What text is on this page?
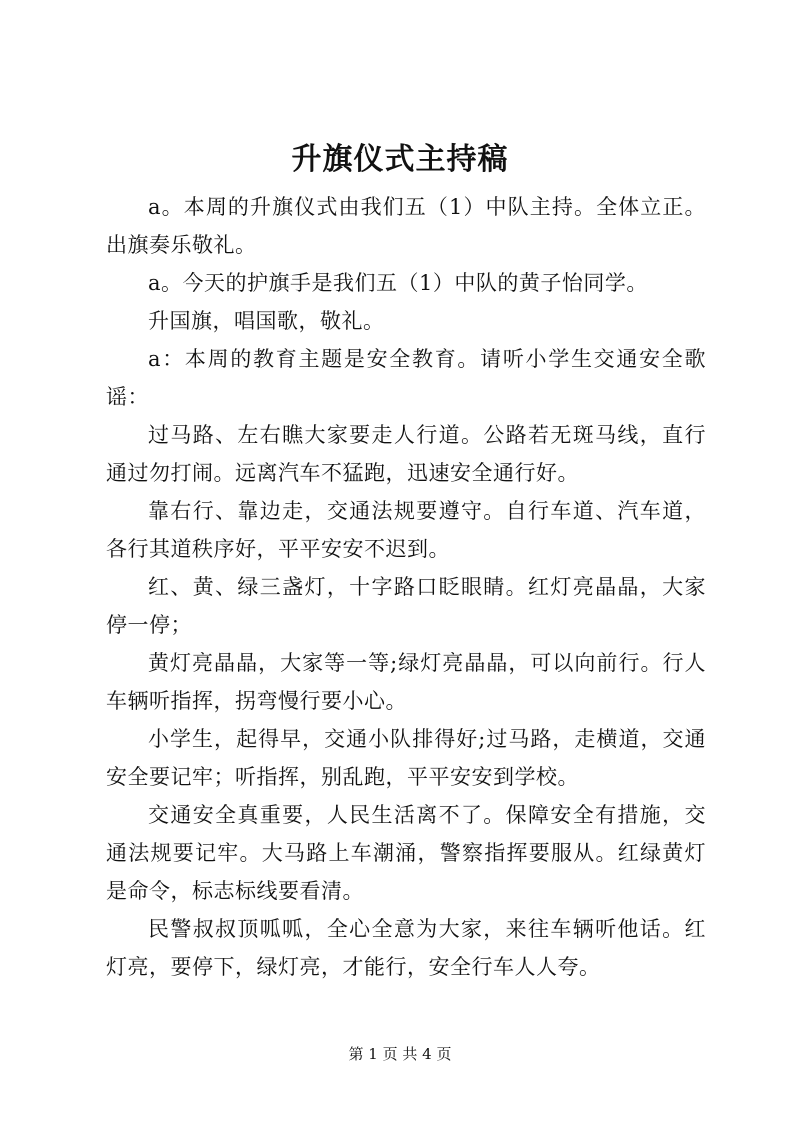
升旗仪式主持稿

a。本周的升旗仪式由我们五（1）中队主持。全体立正。出旗奏乐敬礼。

a。今天的护旗手是我们五（1）中队的黄子怡同学。

升国旗，唱国歌，敬礼。

a：本周的教育主题是安全教育。请听小学生交通安全歌谣：

过马路、左右瞧大家要走人行道。公路若无斑马线，直行通过勿打闹。远离汽车不猛跑，迅速安全通行好。

靠右行、靠边走，交通法规要遵守。自行车道、汽车道，各行其道秩序好，平平安安不迟到。

红、黄、绿三盏灯，十字路口眨眼睛。红灯亮晶晶，大家停一停；

黄灯亮晶晶，大家等一等;绿灯亮晶晶，可以向前行。行人车辆听指挥，拐弯慢行要小心。

小学生，起得早，交通小队排得好;过马路，走横道，交通安全要记牢；听指挥，别乱跑，平平安安到学校。

交通安全真重要，人民生活离不了。保障安全有措施，交通法规要记牢。大马路上车潮涌，警察指挥要服从。红绿黄灯是命令，标志标线要看清。

民警叔叔顶呱呱，全心全意为大家，来往车辆听他话。红灯亮，要停下，绿灯亮，才能行，安全行车人人夸。

第 1 页 共 4 页
